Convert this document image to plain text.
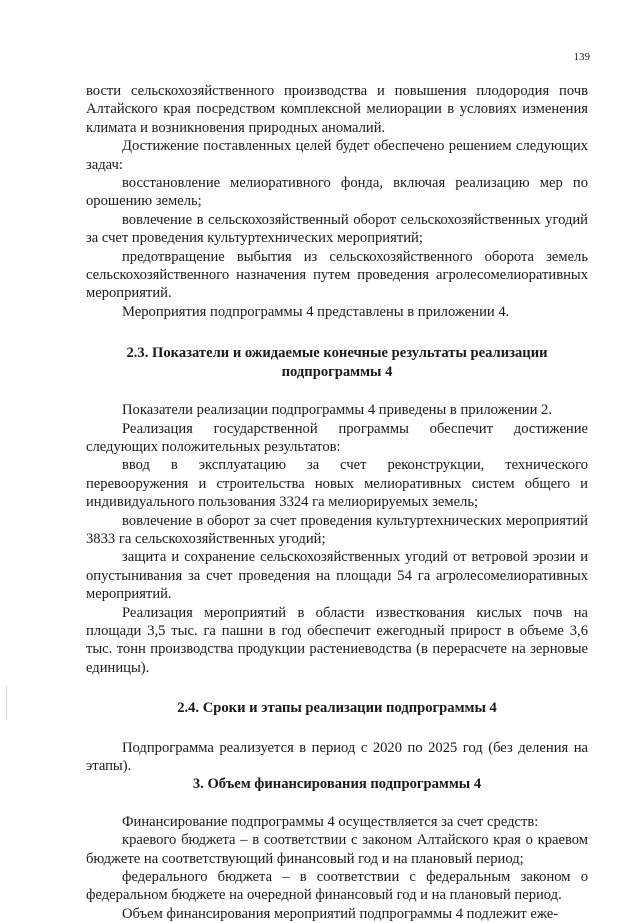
139

вости сельскохозяйственного производства и повышения плодородия почв Алтайского края посредством комплексной мелиорации в условиях изменения климата и возникновения природных аномалий.

Достижение поставленных целей будет обеспечено решением следующих задач:

восстановление мелиоративного фонда, включая реализацию мер по орошению земель;

вовлечение в сельскохозяйственный оборот сельскохозяйственных угодий за счет проведения культуртехнических мероприятий;

предотвращение выбытия из сельскохозяйственного оборота земель сельскохозяйственного назначения путем проведения агролесомелиоративных мероприятий.

Мероприятия подпрограммы 4 представлены в приложении 4.

2.3. Показатели и ожидаемые конечные результаты реализации подпрограммы 4

Показатели реализации подпрограммы 4 приведены в приложении 2.

Реализация государственной программы обеспечит достижение следующих положительных результатов:

ввод в эксплуатацию за счет реконструкции, технического перевооружения и строительства новых мелиоративных систем общего и индивидуального пользования 3324 га мелиорируемых земель;

вовлечение в оборот за счет проведения культуртехнических мероприятий 3833 га сельскохозяйственных угодий;

защита и сохранение сельскохозяйственных угодий от ветровой эрозии и опустынивания за счет проведения на площади 54 га агролесомелиоративных мероприятий.

Реализация мероприятий в области известкования кислых почв на площади 3,5 тыс. га пашни в год обеспечит ежегодный прирост в объеме 3,6 тыс. тонн производства продукции растениеводства (в перерасчете на зерновые единицы).

2.4. Сроки и этапы реализации подпрограммы 4

Подпрограмма реализуется в период с 2020 по 2025 год (без деления на этапы).

3. Объем финансирования подпрограммы 4

Финансирование подпрограммы 4 осуществляется за счет средств:

краевого бюджета – в соответствии с законом Алтайского края о краевом бюджете на соответствующий финансовый год и на плановый период;

федерального бюджета – в соответствии с федеральным законом о федеральном бюджете на очередной финансовый год и на плановый период.

Объем финансирования мероприятий подпрограммы 4 подлежит еже-
